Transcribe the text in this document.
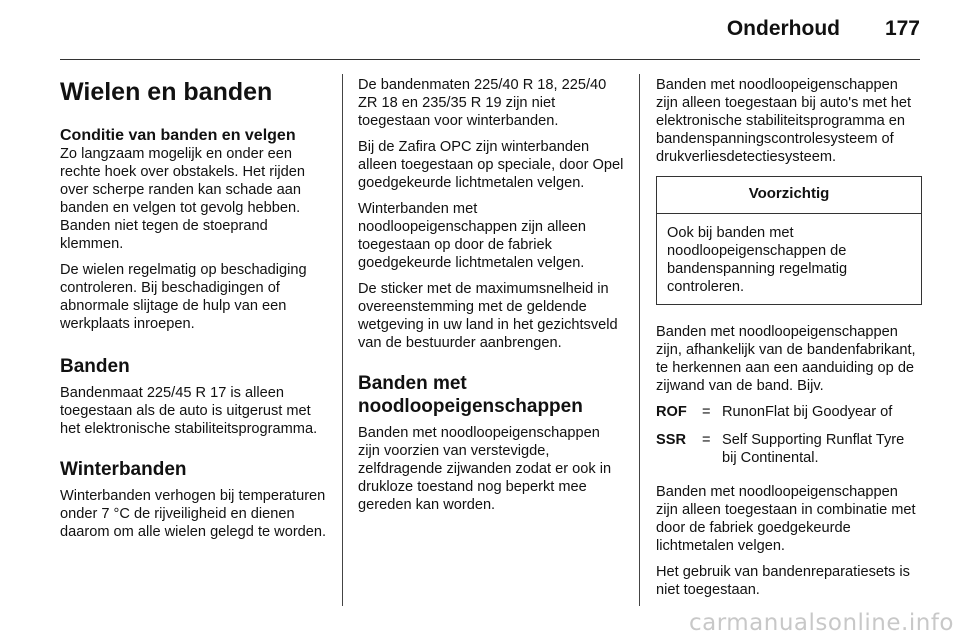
Onderhoud 177
Wielen en banden
Conditie van banden en velgen

Zo langzaam mogelijk en onder een rechte hoek over obstakels. Het rijden over scherpe randen kan schade aan banden en velgen tot gevolg hebben. Banden niet tegen de stoeprand klemmen.

De wielen regelmatig op beschadiging controleren. Bij beschadigingen of abnormale slijtage de hulp van een werkplaats inroepen.

Banden

Bandenmaat 225/45 R 17 is alleen toegestaan als de auto is uitgerust met het elektronische stabiliteitsprogramma.

Winterbanden

Winterbanden verhogen bij temperaturen onder 7 °C de rijveiligheid en dienen daarom om alle wielen gelegd te worden.

De bandenmaten 225/40 R 18, 225/40 ZR 18 en 235/35 R 19 zijn niet toegestaan voor winterbanden.

Bij de Zafira OPC zijn winterbanden alleen toegestaan op speciale, door Opel goedgekeurde lichtmetalen velgen.

Winterbanden met noodloopeigenschappen zijn alleen toegestaan op door de fabriek goedgekeurde lichtmetalen velgen.

De sticker met de maximumsnelheid in overeenstemming met de geldende wetgeving in uw land in het gezichtsveld van de bestuurder aanbrengen.

Banden met noodloopeigenschappen

Banden met noodloopeigenschappen zijn voorzien van verstevigde, zelfdragende zijwanden zodat er ook in drukloze toestand nog beperkt mee gereden kan worden.

Banden met noodloopeigenschappen zijn alleen toegestaan bij auto's met het elektronische stabiliteitsprogramma en bandenspanningscontrolesysteem of drukverliesdetectiesysteem.

Voorzichtig
Ook bij banden met noodloopeigenschappen de bandenspanning regelmatig controleren.

Banden met noodloopeigenschappen zijn, afhankelijk van de bandenfabrikant, te herkennen aan een aanduiding op de zijwand van de band. Bijv.

ROF	= RunonFlat bij Goodyear of
SSR	= Self Supporting Runflat Tyre bij Continental.

Banden met noodloopeigenschappen zijn alleen toegestaan in combinatie met door de fabriek goedgekeurde lichtmetalen velgen.

Het gebruik van bandenreparatiesets is niet toegestaan.

carmanualsonline.info
